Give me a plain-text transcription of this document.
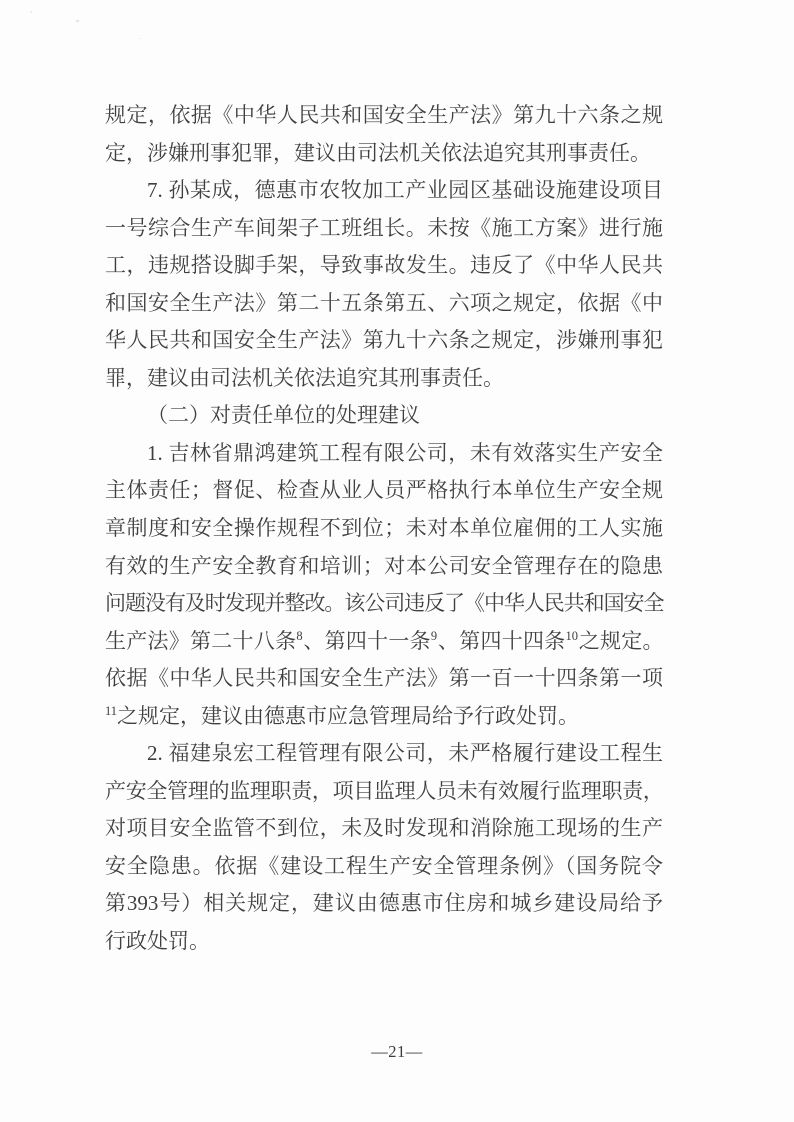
规定，依据《中华人民共和国安全生产法》第九十六条之规
定，涉嫌刑事犯罪，建议由司法机关依法追究其刑事责任。
7. 孙某成，德惠市农牧加工产业园区基础设施建设项目
一号综合生产车间架子工班组长。未按《施工方案》进行施
工，违规搭设脚手架，导致事故发生。违反了《中华人民共
和国安全生产法》第二十五条第五、六项之规定，依据《中
华人民共和国安全生产法》第九十六条之规定，涉嫌刑事犯
罪，建议由司法机关依法追究其刑事责任。
（二）对责任单位的处理建议
1. 吉林省鼎鸿建筑工程有限公司，未有效落实生产安全
主体责任；督促、检查从业人员严格执行本单位生产安全规
章制度和安全操作规程不到位；未对本单位雇佣的工人实施
有效的生产安全教育和培训；对本公司安全管理存在的隐患
问题没有及时发现并整改。该公司违反了《中华人民共和国安全
生产法》第二十八条$^8$、第四十一条$^9$、第四十四条$^{10}$之规定。
依据《中华人民共和国安全生产法》第一百一十四条第一项
$^{11}$之规定，建议由德惠市应急管理局给予行政处罚。
2. 福建泉宏工程管理有限公司，未严格履行建设工程生
产安全管理的监理职责，项目监理人员未有效履行监理职责，
对项目安全监管不到位，未及时发现和消除施工现场的生产
安全隐患。依据《建设工程生产安全管理条例》（国务院令
第393号）相关规定，建议由德惠市住房和城乡建设局给予
行政处罚。
—21—
